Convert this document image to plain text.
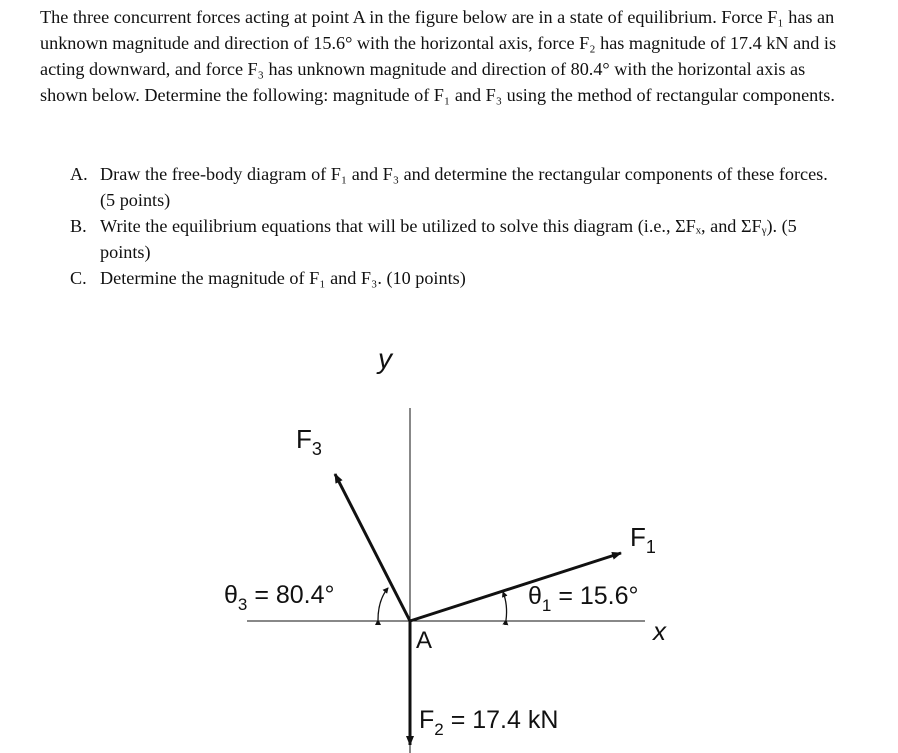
The three concurrent forces acting at point A in the figure below are in a state of equilibrium. Force F₁ has an unknown magnitude and direction of 15.6° with the horizontal axis, force F₂ has magnitude of 17.4 kN and is acting downward, and force F₃ has unknown magnitude and direction of 80.4° with the horizontal axis as shown below. Determine the following: magnitude of F₁ and F₃ using the method of rectangular components.

A. Draw the free-body diagram of F₁ and F₃ and determine the rectangular components of these forces. (5 points)
B. Write the equilibrium equations that will be utilized to solve this diagram (i.e., ΣFₓ, and ΣFᵧ). (5 points)
C. Determine the magnitude of F₁ and F₃. (10 points)
y
x
A
$F_3$
$F_1$
$\theta_3 = 80.4^\circ$	$\theta_1 = 15.6^\circ$
$F_2 = 17.4$ kN
